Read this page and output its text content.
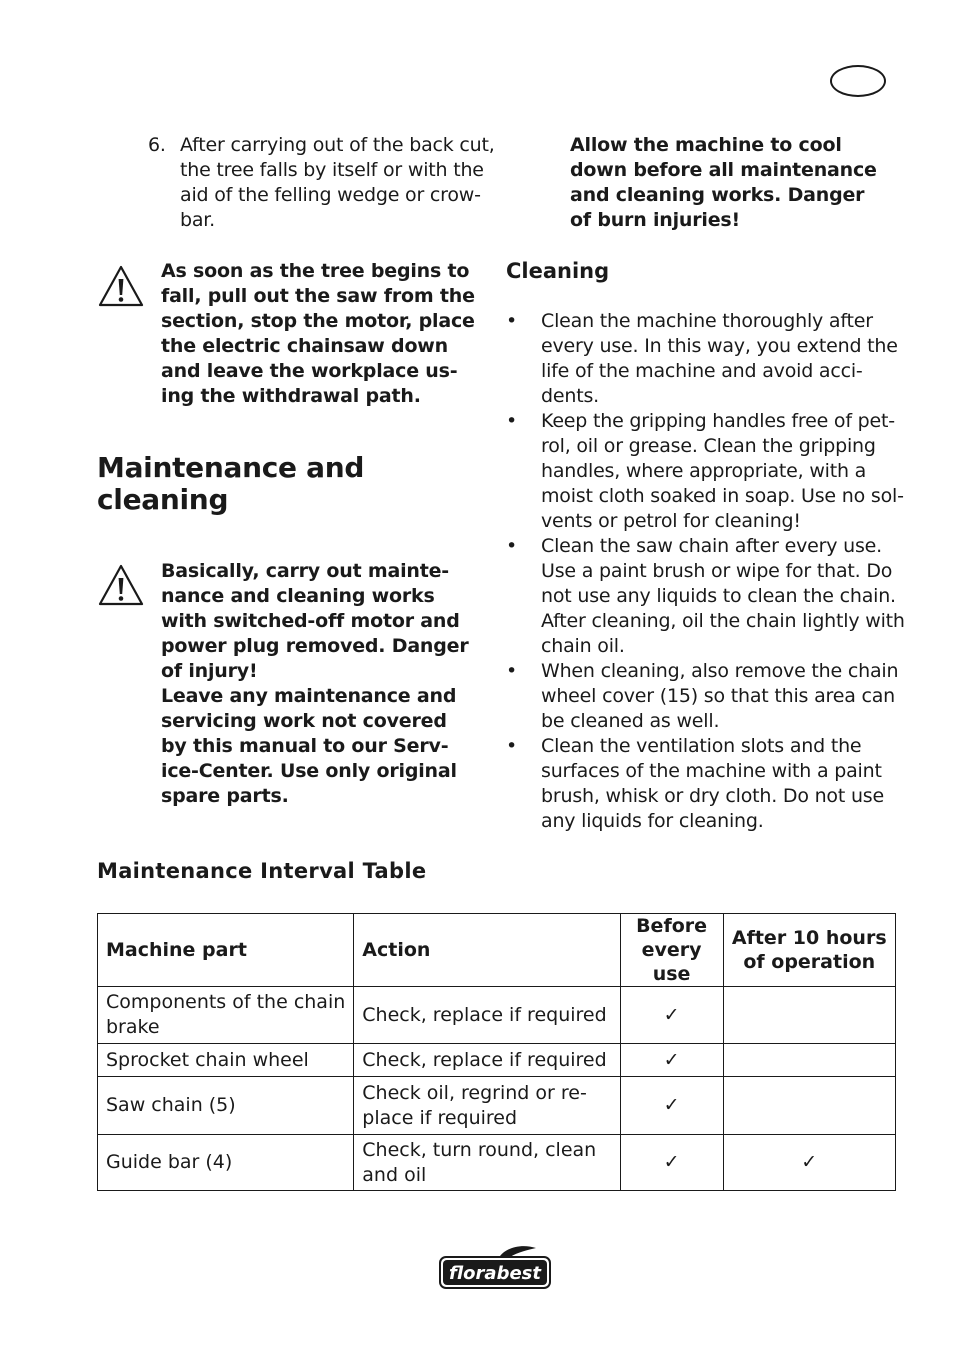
6. After carrying out of the back cut,
the tree falls by itself or with the
aid of the felling wedge or crow-
bar.
As soon as the tree begins to
fall, pull out the saw from the
section, stop the motor, place
the electric chainsaw down
and leave the workplace us-
ing the withdrawal path.
Maintenance and
cleaning
Basically, carry out mainte-
nance and cleaning works
with switched-off motor and
power plug removed. Danger
of injury!
Leave any maintenance and
servicing work not covered
by this manual to our Serv-
ice-Center. Use only original
spare parts.
Allow the machine to cool
down before all maintenance
and cleaning works. Danger
of burn injuries!
Cleaning
• Clean the machine thoroughly after
every use. In this way, you extend the
life of the machine and avoid acci-
dents.
• Keep the gripping handles free of pet-
rol, oil or grease. Clean the gripping
handles, where appropriate, with a
moist cloth soaked in soap. Use no sol-
vents or petrol for cleaning!
• Clean the saw chain after every use.
Use a paint brush or wipe for that. Do
not use any liquids to clean the chain.
After cleaning, oil the chain lightly with
chain oil.
• When cleaning, also remove the chain
wheel cover (15) so that this area can
be cleaned as well.
• Clean the ventilation slots and the
surfaces of the machine with a paint
brush, whisk or dry cloth. Do not use
any liquids for cleaning.
Maintenance Interval Table
Machine part	Action	Before
every
use	After 10 hours
of operation

Components of the chain
brake	Check, replace if required	✓	

Sprocket chain wheel	Check, replace if required	✓	

Saw chain (5)	Check oil, regrind or re-
place if required	✓	

Guide bar (4)	Check, turn round, clean
and oil	✓	✓
florabest
